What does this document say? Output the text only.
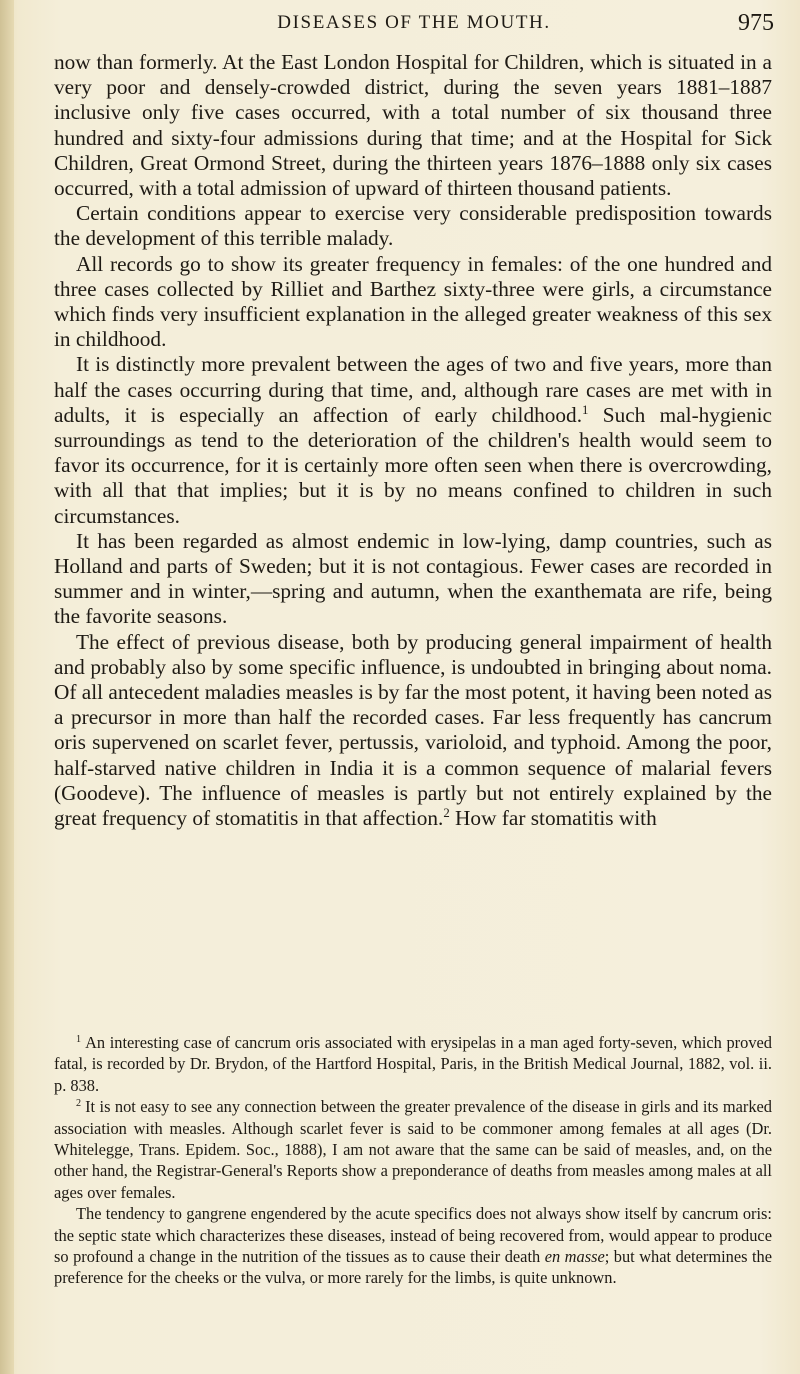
DISEASES OF THE MOUTH.	975

now than formerly. At the East London Hospital for Children, which is situated in a very poor and densely-crowded district, during the seven years 1881–1887 inclusive only five cases occurred, with a total number of six thousand three hundred and sixty-four admissions during that time; and at the Hospital for Sick Children, Great Ormond Street, during the thirteen years 1876–1888 only six cases occurred, with a total admission of upward of thirteen thousand patients.

Certain conditions appear to exercise very considerable predisposition towards the development of this terrible malady.

All records go to show its greater frequency in females: of the one hundred and three cases collected by Rilliet and Barthez sixty-three were girls, a circumstance which finds very insufficient explanation in the alleged greater weakness of this sex in childhood.

It is distinctly more prevalent between the ages of two and five years, more than half the cases occurring during that time, and, although rare cases are met with in adults, it is especially an affection of early childhood.$^1$ Such mal-hygienic surroundings as tend to the deterioration of the children's health would seem to favor its occurrence, for it is certainly more often seen when there is overcrowding, with all that that implies; but it is by no means confined to children in such circumstances.

It has been regarded as almost endemic in low-lying, damp countries, such as Holland and parts of Sweden; but it is not contagious. Fewer cases are recorded in summer and in winter,—spring and autumn, when the exanthemata are rife, being the favorite seasons.

The effect of previous disease, both by producing general impairment of health and probably also by some specific influence, is undoubted in bringing about noma. Of all antecedent maladies measles is by far the most potent, it having been noted as a precursor in more than half the recorded cases. Far less frequently has cancrum oris supervened on scarlet fever, pertussis, varioloid, and typhoid. Among the poor, half-starved native children in India it is a common sequence of malarial fevers (Goodeve). The influence of measles is partly but not entirely explained by the great frequency of stomatitis in that affection.$^2$ How far stomatitis with

$^1$ An interesting case of cancrum oris associated with erysipelas in a man aged forty-seven, which proved fatal, is recorded by Dr. Brydon, of the Hartford Hospital, Paris, in the British Medical Journal, 1882, vol. ii. p. 838.

$^2$ It is not easy to see any connection between the greater prevalence of the disease in girls and its marked association with measles. Although scarlet fever is said to be commoner among females at all ages (Dr. Whitelegge, Trans. Epidem. Soc., 1888), I am not aware that the same can be said of measles, and, on the other hand, the Registrar-General's Reports show a preponderance of deaths from measles among males at all ages over females.

The tendency to gangrene engendered by the acute specifics does not always show itself by cancrum oris: the septic state which characterizes these diseases, instead of being recovered from, would appear to produce so profound a change in the nutrition of the tissues as to cause their death en masse; but what determines the preference for the cheeks or the vulva, or more rarely for the limbs, is quite unknown.
